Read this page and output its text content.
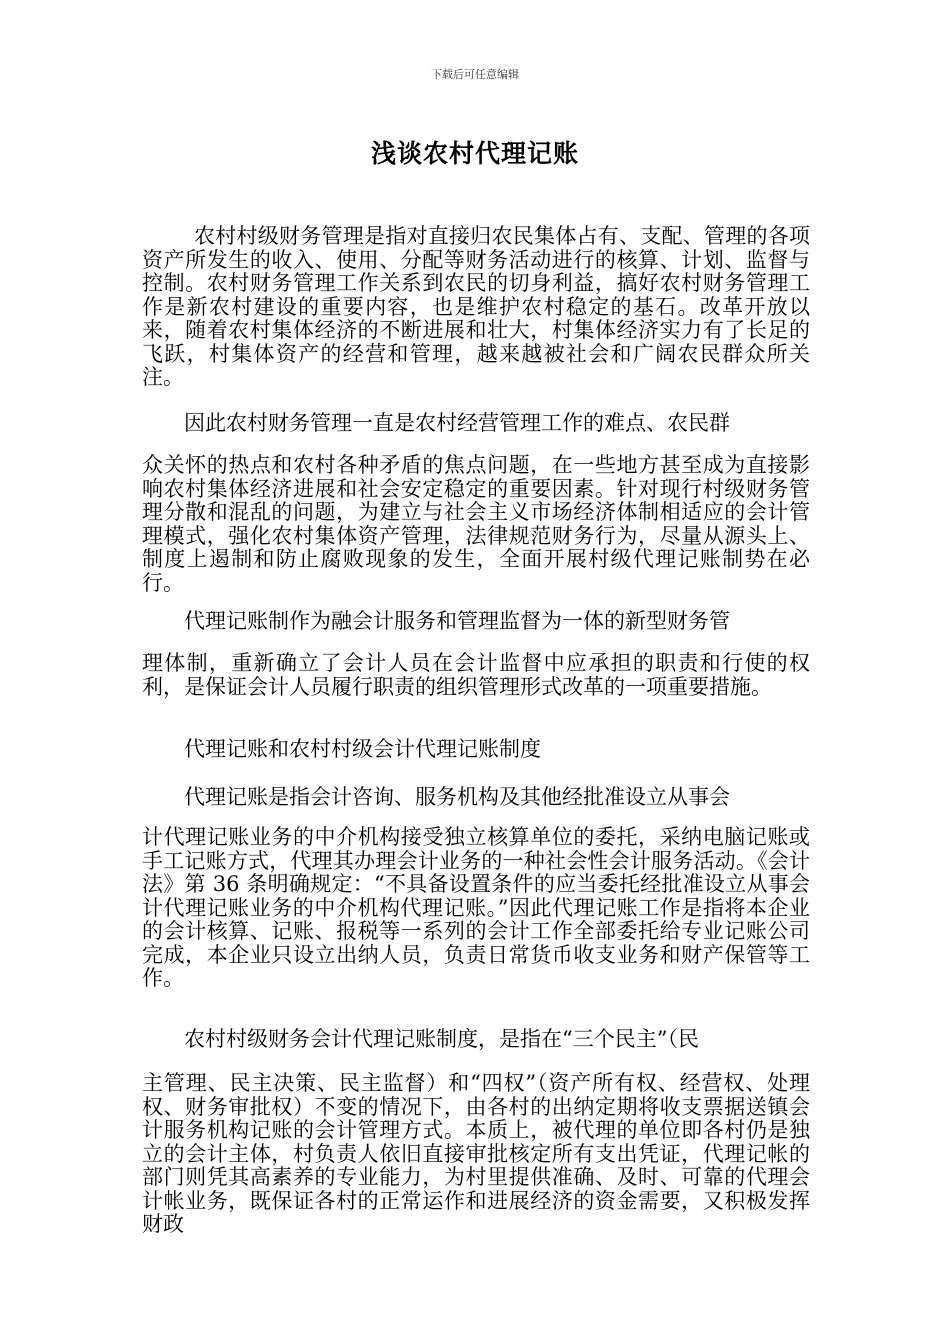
下载后可任意编辑
浅谈农村代理记账

农村村级财务管理是指对直接归农民集体占有、支配、管理的各项资产所发生的收入、使用、分配等财务活动进行的核算、计划、监督与控制。农村财务管理工作关系到农民的切身利益，搞好农村财务管理工作是新农村建设的重要内容，也是维护农村稳定的基石。改革开放以来，随着农村集体经济的不断进展和壮大，村集体经济实力有了长足的飞跃，村集体资产的经营和管理，越来越被社会和广阔农民群众所关注。

因此农村财务管理一直是农村经营管理工作的难点、农民群

众关怀的热点和农村各种矛盾的焦点问题，在一些地方甚至成为直接影响农村集体经济进展和社会安定稳定的重要因素。针对现行村级财务管理分散和混乱的问题，为建立与社会主义市场经济体制相适应的会计管理模式，强化农村集体资产管理，法律规范财务行为，尽量从源头上、制度上遏制和防止腐败现象的发生，全面开展村级代理记账制势在必行。

代理记账制作为融会计服务和管理监督为一体的新型财务管

理体制，重新确立了会计人员在会计监督中应承担的职责和行使的权利，是保证会计人员履行职责的组织管理形式改革的一项重要措施。

代理记账和农村村级会计代理记账制度

代理记账是指会计咨询、服务机构及其他经批准设立从事会

计代理记账业务的中介机构接受独立核算单位的委托，采纳电脑记账或手工记账方式，代理其办理会计业务的一种社会性会计服务活动。《会计法》第 36 条明确规定：“不具备设置条件的应当委托经批准设立从事会计代理记账业务的中介机构代理记账。”因此代理记账工作是指将本企业的会计核算、记账、报税等一系列的会计工作全部委托给专业记账公司完成，本企业只设立出纳人员，负责日常货币收支业务和财产保管等工作。

农村村级财务会计代理记账制度，是指在“三个民主”（民

主管理、民主决策、民主监督）和“四权”（资产所有权、经营权、处理权、财务审批权）不变的情况下，由各村的出纳定期将收支票据送镇会计服务机构记账的会计管理方式。本质上，被代理的单位即各村仍是独立的会计主体，村负责人依旧直接审批核定所有支出凭证，代理记帐的部门则凭其高素养的专业能力，为村里提供准确、及时、可靠的代理会计帐业务，既保证各村的正常运作和进展经济的资金需要，又积极发挥财政
